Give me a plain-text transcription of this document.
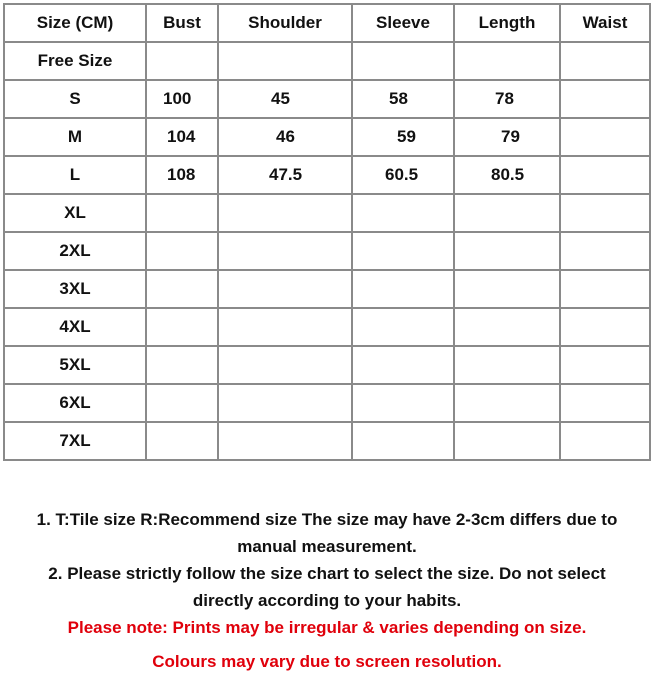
Size (CM)	Bust	Shoulder	Sleeve	Length	Waist
Free Size					
S	100	45	58	78	
M	104	46	59	79	
L	108	47.5	60.5	80.5	
XL					
2XL					
3XL					
4XL					
5XL					
6XL					
7XL					

1. T:Tile size R:Recommend size The size may have 2-3cm differs due to

manual measurement.

2. Please strictly follow the size chart to select the size. Do not select

directly according to your habits.

Please note: Prints may be irregular & varies depending on size.

Colours may vary due to screen resolution.
